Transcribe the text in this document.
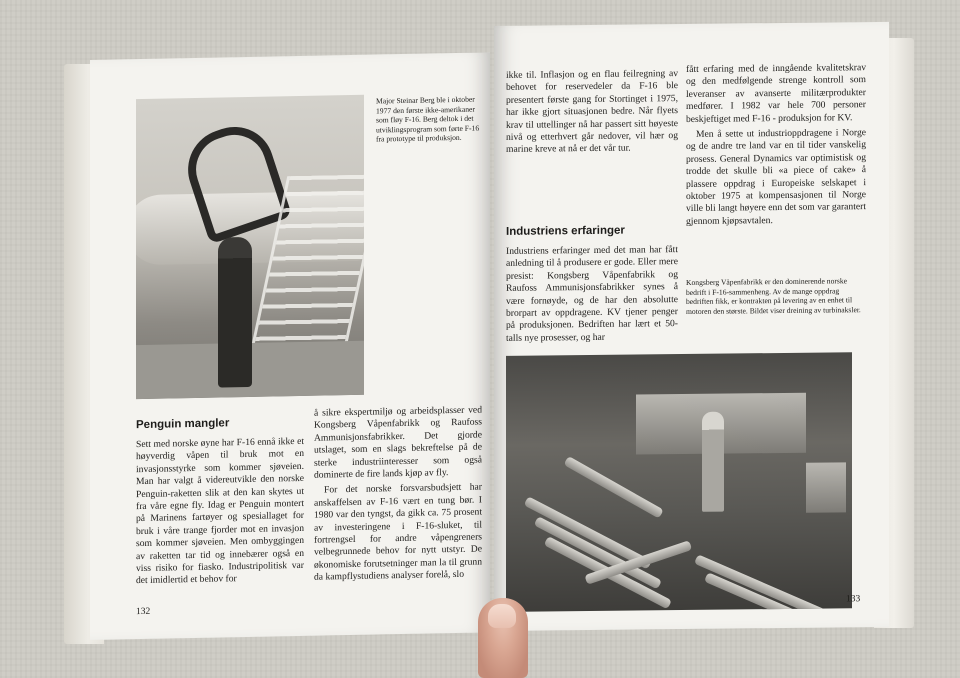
Major Steinar Berg ble i oktober 1977 den første ikke-amerikaner som fløy F-16. Berg deltok i det utviklingsprogram som førte F-16 fra prototype til produksjon.
Penguin mangler

Sett med norske øyne har F-16 ennå ikke et høyverdig våpen til bruk mot en invasjonsstyrke som kommer sjøveien. Man har valgt å videreutvikle den norske Penguin-raketten slik at den kan skytes ut fra våre egne fly. Idag er Penguin montert på Marinens fartøyer og spesiallaget for bruk i våre trange fjorder mot en invasjon som kommer sjøveien. Men ombyggingen av raketten tar tid og innebærer også en viss risiko for fiasko. Industripolitisk var det imidlertid et behov for

å sikre ekspertmiljø og arbeidsplasser ved Kongsberg Våpenfabrikk og Raufoss Ammunisjonsfabrikker. Det gjorde utslaget, som en slags bekreftelse på de sterke industriinteresser som også dominerte de fire lands kjøp av fly.

For det norske forsvarsbudsjett har anskaffelsen av F-16 vært en tung bør. I 1980 var den tyngst, da gikk ca. 75 prosent av investeringene i F-16-sluket, til fortrengsel for andre våpengreners velbegrunnede behov for nytt utstyr. De økonomiske forutsetninger man la til grunn da kampflystudiens analyser forelå, slo

132

ikke til. Inflasjon og en flau feilregning av behovet for reservedeler da F-16 ble presentert første gang for Stortinget i 1975, har ikke gjort situasjonen bedre. Når flyets krav til uttellinger nå har passert sitt høyeste nivå og etterhvert går nedover, vil hær og marine kreve at nå er det vår tur.

Industriens erfaringer

Industriens erfaringer med det man har fått anledning til å produsere er gode. Eller mere presist: Kongsberg Våpenfabrikk og Raufoss Ammunisjonsfabrikker synes å være fornøyde, og de har den absolutte brorpart av oppdragene. KV tjener penger på produksjonen. Bedriften har lært et 50-talls nye prosesser, og har

fått erfaring med de inngående kvalitetskrav og den medfølgende strenge kontroll som leveranser av avanserte militærprodukter medfører. I 1982 var hele 700 personer beskjeftiget med F-16 - produksjon for KV.

Men å sette ut industrioppdragene i Norge og de andre tre land var en til tider vanskelig prosess. General Dynamics var optimistisk og trodde det skulle bli «a piece of cake» å plassere oppdrag i Europeiske selskapet i oktober 1975 at kompensasjonen til Norge ville bli langt høyere enn det som var garantert gjennom kjøpsavtalen.

Kongsberg Våpenfabrikk er den dominerende norske bedrift i F-16-sammenheng. Av de mange oppdrag bedriften fikk, er kontrakten på levering av en enhet til motoren den største. Bildet viser dreining av turbinaksler.
133
